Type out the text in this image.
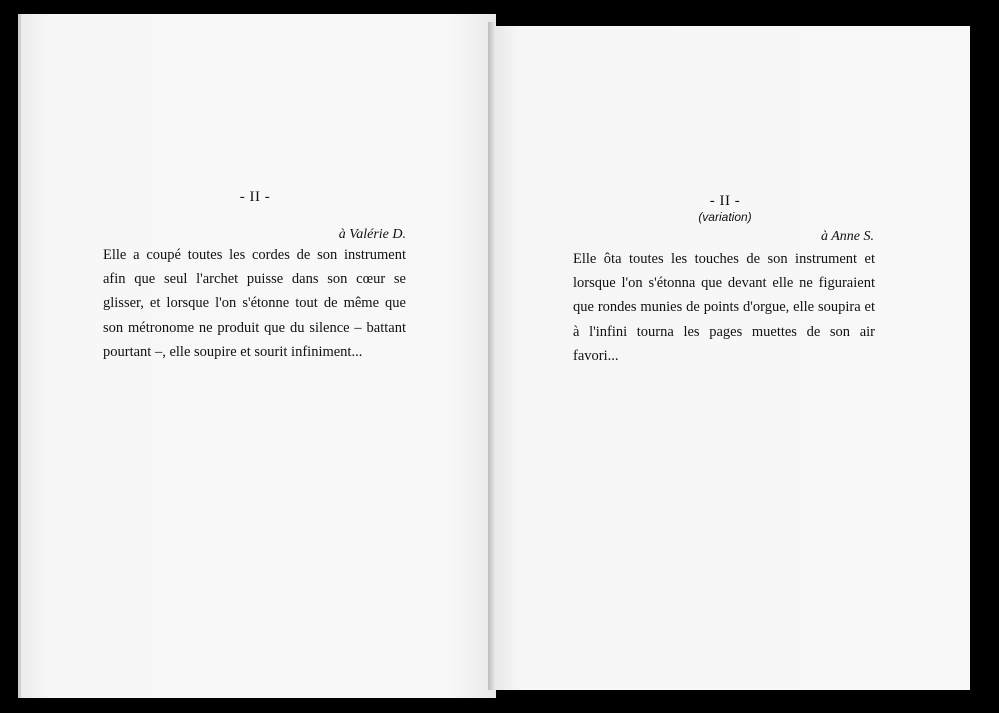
- II -
à Valérie D.
Elle a coupé toutes les cordes de son instrument
afin que seul l'archet puisse dans son cœur se
glisser, et lorsque l'on s'étonne tout de même que
son métronome ne produit que du silence – battant
pourtant –, elle soupire et sourit infiniment...
- II -
(variation)
à Anne S.
Elle ôta toutes les touches de son instrument et
lorsque l'on s'étonna que devant elle ne figuraient
que rondes munies de points d'orgue, elle soupira et
à l'infini tourna les pages muettes de son air
favori...
